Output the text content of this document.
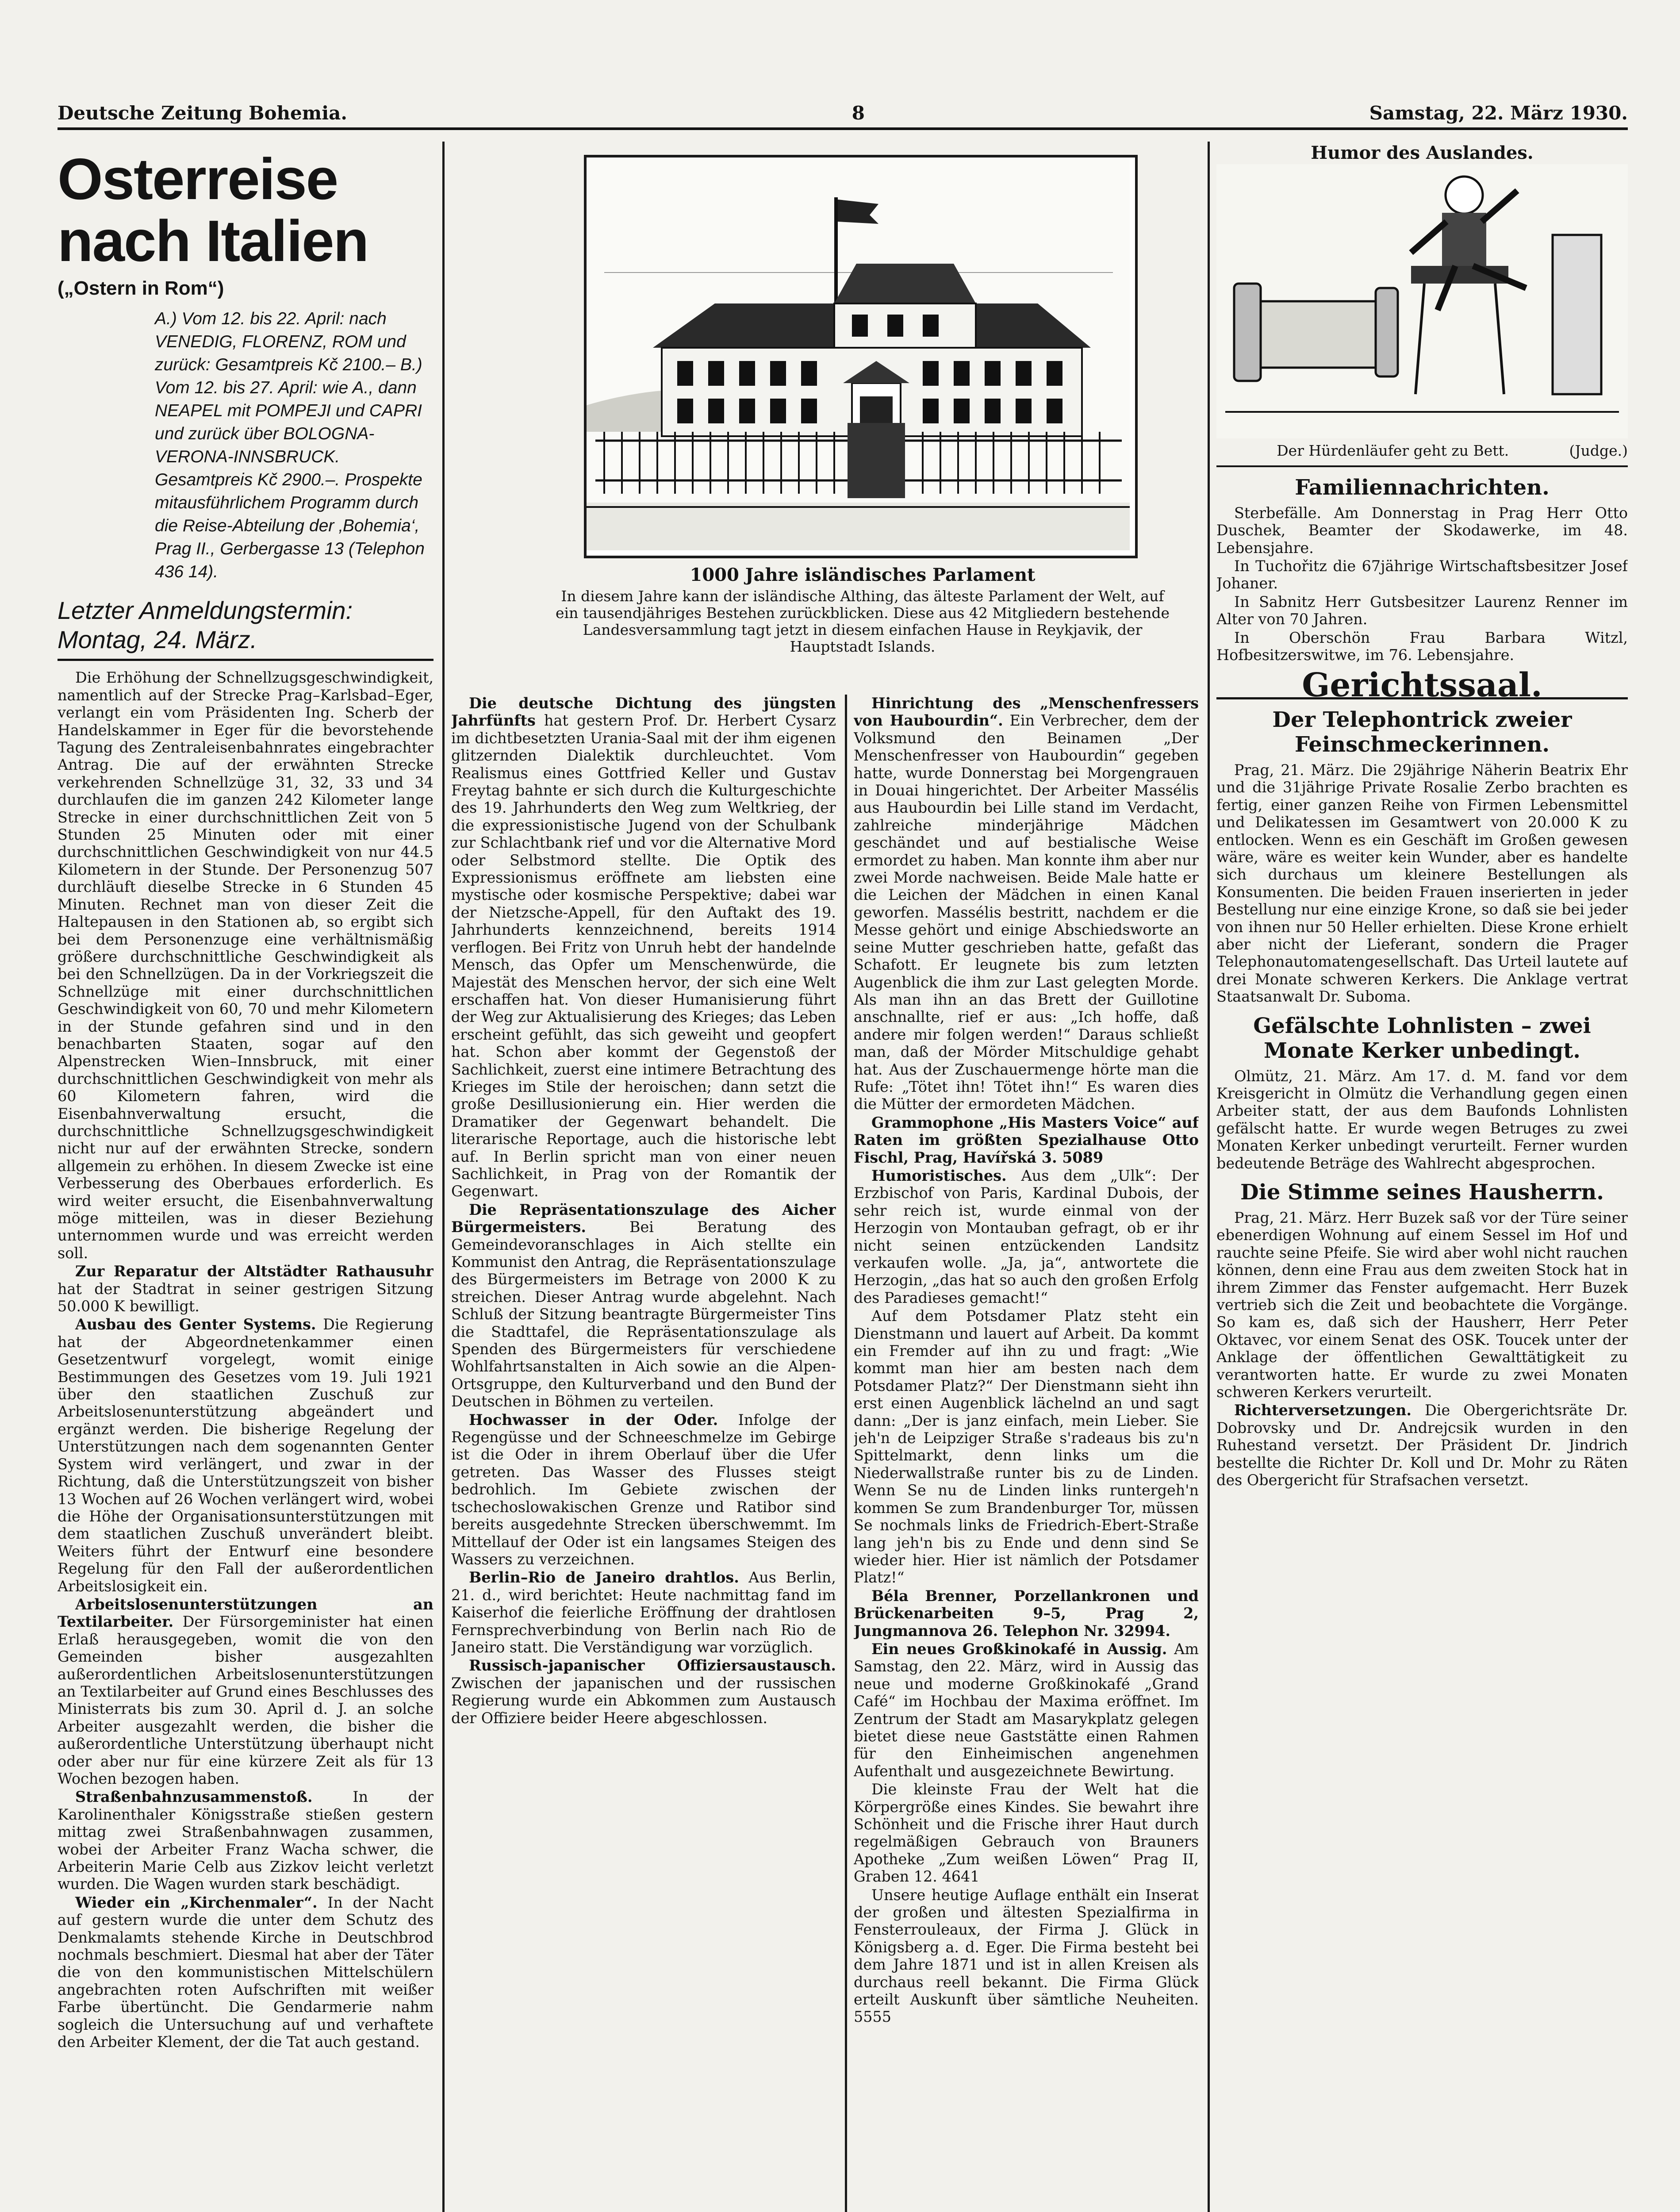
Deutsche Zeitung Bohemia.	8	Samstag, 22. März 1930.
Osterreise
nach Italien
(„Ostern in Rom“)
A.) Vom 12. bis 22. April: nach VENEDIG, FLORENZ, ROM und zurück: Gesamtpreis Kč 2100.– B.) Vom 12. bis 27. April: wie A., dann NEAPEL mit POMPEJI und CAPRI und zurück über BOLOGNA-VERONA-INNSBRUCK. Gesamtpreis Kč 2900.–. Prospekte mitausführlichem Programm durch die Reise-Abteilung der ‚Bohemia‘, Prag II., Gerbergasse 13 (Telephon 436 14).
Letzter Anmeldungstermin:
Montag, 24. März.

Die Erhöhung der Schnellzugsgeschwindigkeit, namentlich auf der Strecke Prag–Karlsbad–Eger, verlangt ein vom Präsidenten Ing. Scherb der Handelskammer in Eger für die bevorstehende Tagung des Zentraleisenbahnrates eingebrachter Antrag. Die auf der erwähnten Strecke verkehrenden Schnellzüge 31, 32, 33 und 34 durchlaufen die im ganzen 242 Kilometer lange Strecke in einer durchschnittlichen Zeit von 5 Stunden 25 Minuten oder mit einer durchschnittlichen Geschwindigkeit von nur 44.5 Kilometern in der Stunde. Der Personenzug 507 durchläuft dieselbe Strecke in 6 Stunden 45 Minuten. Rechnet man von dieser Zeit die Haltepausen in den Stationen ab, so ergibt sich bei dem Personenzuge eine verhältnismäßig größere durchschnittliche Geschwindigkeit als bei den Schnellzügen. Da in der Vorkriegszeit die Schnellzüge mit einer durchschnittlichen Geschwindigkeit von 60, 70 und mehr Kilometern in der Stunde gefahren sind und in den benachbarten Staaten, sogar auf den Alpenstrecken Wien–Innsbruck, mit einer durchschnittlichen Geschwindigkeit von mehr als 60 Kilometern fahren, wird die Eisenbahnverwaltung ersucht, die durchschnittliche Schnellzugsgeschwindigkeit nicht nur auf der erwähnten Strecke, sondern allgemein zu erhöhen. In diesem Zwecke ist eine Verbesserung des Oberbaues erforderlich. Es wird weiter ersucht, die Eisenbahnverwaltung möge mitteilen, was in dieser Beziehung unternommen wurde und was erreicht werden soll.

Zur Reparatur der Altstädter Rathausuhr hat der Stadtrat in seiner gestrigen Sitzung 50.000 K bewilligt.

Ausbau des Genter Systems. Die Regierung hat der Abgeordnetenkammer einen Gesetzentwurf vorgelegt, womit einige Bestimmungen des Gesetzes vom 19. Juli 1921 über den staatlichen Zuschuß zur Arbeitslosenunterstützung abgeändert und ergänzt werden. Die bisherige Regelung der Unterstützungen nach dem sogenannten Genter System wird verlängert, und zwar in der Richtung, daß die Unterstützungszeit von bisher 13 Wochen auf 26 Wochen verlängert wird, wobei die Höhe der Organisationsunterstützungen mit dem staatlichen Zuschuß unverändert bleibt. Weiters führt der Entwurf eine besondere Regelung für den Fall der außerordentlichen Arbeitslosigkeit ein.

Arbeitslosenunterstützungen an Textilarbeiter. Der Fürsorgeminister hat einen Erlaß herausgegeben, womit die von den Gemeinden bisher ausgezahlten außerordentlichen Arbeitslosenunterstützungen an Textilarbeiter auf Grund eines Beschlusses des Ministerrats bis zum 30. April d. J. an solche Arbeiter ausgezahlt werden, die bisher die außerordentliche Unterstützung überhaupt nicht oder aber nur für eine kürzere Zeit als für 13 Wochen bezogen haben.

Straßenbahnzusammenstoß.	In der Karolinenthaler Königsstraße stießen gestern mittag zwei Straßenbahnwagen zusammen, wobei der Arbeiter Franz Wacha schwer, die Arbeiterin Marie Celb aus Zizkov leicht verletzt wurden. Die Wagen wurden stark beschädigt.

Wieder ein „Kirchenmaler“. In der Nacht auf gestern wurde die unter dem Schutz des Denkmalamts stehende Kirche in Deutschbrod nochmals beschmiert. Diesmal hat aber der Täter die von den kommunistischen Mittelschülern angebrachten roten Aufschriften mit weißer Farbe übertüncht. Die Gendarmerie nahm sogleich die Untersuchung auf und verhaftete den Arbeiter Klement, der die Tat auch gestand.

1000 Jahre isländisches Parlament
In diesem Jahre kann der isländische Althing, das älteste Parlament der Welt, auf ein tausendjähriges Bestehen zurückblicken. Diese aus 42 Mitgliedern bestehende Landesversammlung tagt jetzt in diesem einfachen Hause in Reykjavik, der Hauptstadt Islands.

Die deutsche Dichtung des jüngsten Jahrfünfts hat gestern Prof. Dr. Herbert Cysarz im dichtbesetzten Urania-Saal mit der ihm eigenen glitzernden Dialektik durchleuchtet. Vom Realismus eines Gottfried Keller und Gustav Freytag bahnte er sich durch die Kulturgeschichte des 19. Jahrhunderts den Weg zum Weltkrieg, der die expressionistische Jugend von der Schulbank zur Schlachtbank rief und vor die Alternative Mord oder Selbstmord stellte. Die Optik des Expressionismus eröffnete am liebsten eine mystische oder kosmische Perspektive; dabei war der Nietzsche-Appell, für den Auftakt des 19. Jahrhunderts kennzeichnend, bereits 1914 verflogen. Bei Fritz von Unruh hebt der handelnde Mensch, das Opfer um Menschenwürde, die Majestät des Menschen hervor, der sich eine Welt erschaffen hat. Von dieser Humanisierung führt der Weg zur Aktualisierung des Krieges; das Leben erscheint gefühlt, das sich geweiht und geopfert hat. Schon aber kommt der Gegenstoß der Sachlichkeit, zuerst eine intimere Betrachtung des Krieges im Stile der heroischen; dann setzt die große Desillusionierung ein. Hier werden die Dramatiker der Gegenwart behandelt. Die literarische Reportage, auch die historische lebt auf. In Berlin spricht man von einer neuen Sachlichkeit, in Prag von der Romantik der Gegenwart.

Die Repräsentationszulage des Aicher Bürgermeisters.	Bei Beratung des Gemeindevoranschlages in Aich stellte ein Kommunist den Antrag, die Repräsentationszulage des Bürgermeisters im Betrage von 2000 K zu streichen. Dieser Antrag wurde abgelehnt. Nach Schluß der Sitzung beantragte Bürgermeister Tins die Stadttafel, die Repräsentationszulage als Spenden des Bürgermeisters für verschiedene Wohlfahrtsanstalten in Aich sowie an die Alpen-Ortsgruppe, den Kulturverband und den Bund der Deutschen in Böhmen zu verteilen.

Hochwasser in der Oder. Infolge der Regengüsse und der Schneeschmelze im Gebirge ist die Oder in ihrem Oberlauf über die Ufer getreten. Das Wasser des Flusses steigt bedrohlich. Im Gebiete zwischen der tschechoslowakischen Grenze und Ratibor sind bereits ausgedehnte Strecken überschwemmt. Im Mittellauf der Oder ist ein langsames Steigen des Wassers zu verzeichnen.

Berlin–Rio de Janeiro drahtlos. Aus Berlin, 21. d., wird berichtet: Heute nachmittag fand im Kaiserhof die feierliche Eröffnung der drahtlosen Fernsprechverbindung von Berlin nach Rio de Janeiro statt. Die Verständigung war vorzüglich.

Russisch-japanischer Offiziersaustausch. Zwischen der japanischen und der russischen Regierung wurde ein Abkommen zum Austausch der Offiziere beider Heere abgeschlossen.

Hinrichtung des „Menschenfressers von Haubourdin“. Ein Verbrecher, dem der Volksmund den Beinamen „Der Menschenfresser von Haubourdin“ gegeben hatte, wurde Donnerstag bei Morgengrauen in Douai hingerichtet. Der Arbeiter Massélis aus Haubourdin bei Lille stand im Verdacht, zahlreiche minderjährige Mädchen geschändet und auf bestialische Weise ermordet zu haben. Man konnte ihm aber nur zwei Morde nachweisen. Beide Male hatte er die Leichen der Mädchen in einen Kanal geworfen. Massélis bestritt, nachdem er die Messe gehört und einige Abschiedsworte an seine Mutter geschrieben hatte, gefaßt das Schafott. Er leugnete bis zum letzten Augenblick die ihm zur Last gelegten Morde. Als man ihn an das Brett der Guillotine anschnallte, rief er aus: „Ich hoffe, daß andere mir folgen werden!“ Daraus schließt man, daß der Mörder Mitschuldige gehabt hat. Aus der Zuschauermenge hörte man die Rufe: „Tötet ihn! Tötet ihn!“ Es waren dies die Mütter der ermordeten Mädchen.

Grammophone „His Masters Voice“ auf Raten im größten Spezialhause Otto Fischl, Prag, Havířská 3. 5089

Humoristisches. Aus dem „Ulk“: Der Erzbischof von Paris, Kardinal Dubois, der sehr reich ist, wurde einmal von der Herzogin von Montauban gefragt, ob er ihr nicht seinen entzückenden Landsitz verkaufen wolle. „Ja, ja“, antwortete die Herzogin, „das hat so auch den großen Erfolg des Paradieses gemacht!“

Auf dem Potsdamer Platz steht ein Dienstmann und lauert auf Arbeit. Da kommt ein Fremder auf ihn zu und fragt: „Wie kommt man hier am besten nach dem Potsdamer Platz?“ Der Dienstmann sieht ihn erst einen Augenblick lächelnd an und sagt dann: „Der is janz einfach, mein Lieber. Sie jeh'n de Leipziger Straße s'radeaus bis zu'n Spittelmarkt, denn links um die Niederwallstraße runter bis zu de Linden. Wenn Se nu de Linden links runtergeh'n kommen Se zum Brandenburger Tor, müssen Se nochmals links de Friedrich-Ebert-Straße lang jeh'n bis zu Ende und denn sind Se wieder hier. Hier ist nämlich der Potsdamer Platz!“

Béla Brenner, Porzellankronen und Brückenarbeiten 9–5, Prag 2, Jungmannova 26. Telephon Nr. 32994.

Ein neues Großkinokafé in Aussig. Am Samstag, den 22. März, wird in Aussig das neue und moderne Großkinokafé „Grand Café“ im Hochbau der Maxima eröffnet. Im Zentrum der Stadt am Masarykplatz gelegen bietet diese neue Gaststätte einen Rahmen für den Einheimischen angenehmen Aufenthalt und ausgezeichnete Bewirtung.

Die kleinste Frau der Welt hat die Körpergröße eines Kindes. Sie bewahrt ihre Schönheit und die Frische ihrer Haut durch regelmäßigen Gebrauch von Brauners Apotheke „Zum weißen Löwen“ Prag II, Graben 12. 4641

Unsere heutige Auflage enthält ein Inserat der großen und ältesten Spezialfirma in Fensterrouleaux, der Firma J. Glück in Königsberg a. d. Eger. Die Firma besteht bei dem Jahre 1871 und ist in allen Kreisen als durchaus reell bekannt. Die Firma Glück erteilt Auskunft über sämtliche Neuheiten. 5555

Humor des Auslandes.
Der Hürdenläufer geht zu Bett.	(Judge.)
Familiennachrichten.

Sterbefälle. Am Donnerstag in Prag Herr Otto Duschek, Beamter der Skodawerke, im 48. Lebensjahre.

In Tuchořitz die 67jährige Wirtschaftsbesitzer Josef Johaner.

In Sabnitz Herr Gutsbesitzer Laurenz Renner im Alter von 70 Jahren.

In Oberschön Frau Barbara Witzl, Hofbesitzerswitwe, im 76. Lebensjahre.

Gerichtssaal.
Der Telephontrick zweier Feinschmeckerinnen.

Prag, 21. März. Die 29jährige Näherin Beatrix Ehr und die 31jährige Private Rosalie Zerbo brachten es fertig, einer ganzen Reihe von Firmen Lebensmittel und Delikatessen im Gesamtwert von 20.000 K zu entlocken. Wenn es ein Geschäft im Großen gewesen wäre, wäre es weiter kein Wunder, aber es handelte sich durchaus um kleinere Bestellungen als Konsumenten. Die beiden Frauen inserierten in jeder Bestellung nur eine einzige Krone, so daß sie bei jeder von ihnen nur 50 Heller erhielten. Diese Krone erhielt aber nicht der Lieferant, sondern die Prager Telephonautomatengesellschaft. Das Urteil lautete auf drei Monate schweren Kerkers. Die Anklage vertrat Staatsanwalt Dr. Suboma.

Gefälschte Lohnlisten – zwei Monate Kerker unbedingt.

Olmütz, 21. März. Am 17. d. M. fand vor dem Kreisgericht in Olmütz die Verhandlung gegen einen Arbeiter statt, der aus dem Baufonds Lohnlisten gefälscht hatte. Er wurde wegen Betruges zu zwei Monaten Kerker unbedingt verurteilt. Ferner wurden bedeutende Beträge des Wahlrecht abgesprochen.

Die Stimme seines Hausherrn.

Prag, 21. März. Herr Buzek saß vor der Türe seiner ebenerdigen Wohnung auf einem Sessel im Hof und rauchte seine Pfeife. Sie wird aber wohl nicht rauchen können, denn eine Frau aus dem zweiten Stock hat in ihrem Zimmer das Fenster aufgemacht. Herr Buzek vertrieb sich die Zeit und beobachtete die Vorgänge. So kam es, daß sich der Hausherr, Herr Peter Oktavec, vor einem Senat des OSK. Toucek unter der Anklage der öffentlichen Gewalttätigkeit zu verantworten hatte. Er wurde zu zwei Monaten schweren Kerkers verurteilt.

Richterversetzungen. Die Obergerichtsräte Dr. Dobrovsky und Dr. Andrejcsik wurden in den Ruhestand versetzt. Der Präsident Dr. Jindrich bestellte die Richter Dr. Koll und Dr. Mohr zu Räten des Obergericht für Strafsachen versetzt.
